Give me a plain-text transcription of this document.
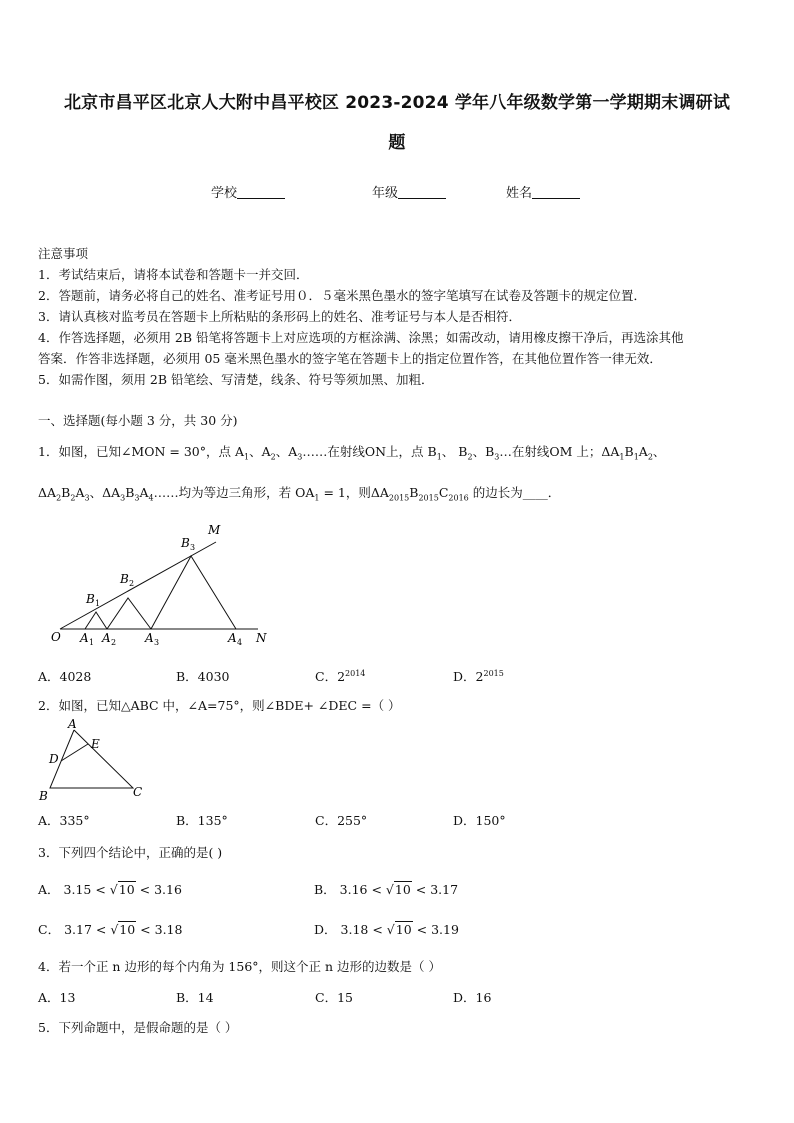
北京市昌平区北京人大附中昌平校区 2023-2024 学年八年级数学第一学期期末调研试
题
学校	年级	姓名
注意事项
1．考试结束后，请将本试卷和答题卡一并交回．
2．答题前，请务必将自己的姓名、准考证号用０．５毫米黑色墨水的签字笔填写在试卷及答题卡的规定位置．
3．请认真核对监考员在答题卡上所粘贴的条形码上的姓名、准考证号与本人是否相符．
4．作答选择题，必须用 2B 铅笔将答题卡上对应选项的方框涂满、涂黑；如需改动，请用橡皮擦干净后，再选涂其他
答案．作答非选择题，必须用 05 毫米黑色墨水的签字笔在答题卡上的指定位置作答，在其他位置作答一律无效．
5．如需作图，须用 2B 铅笔绘、写清楚，线条、符号等须加黑、加粗．
一、选择题(每小题 3 分，共 30 分)
1．如图，已知∠MON = 30°，点 $A_1$、$A_2$、$A_3\dots\dots$在射线ON上，点 $B_1$、 $B_2$、$B_3\dots$在射线OM 上；$\Delta A_1B_1A_2$、
$\Delta A_2B_2A_3$、$\Delta A_3B_3A_4\dots\dots$均为等边三角形，若 $OA_1 = 1$，则$\Delta A_{2015}B_{2015}C_{2016}$ 的边长为____．
M
B 1
B 2
B 3
O A 1 A 2 A 3	A 4 N
A．4028	B．4030	C．$2^{2014}$	D．$2^{2015}$
2．如图，已知△ABC 中，∠A=75°，则∠BDE+ ∠DEC =（ ）
A
E
D
B	C
A．335°	B．135°	C．255°	D．150°
3．下列四个结论中，正确的是( )
A． 3.15 < √10 < 3.16	B． 3.16 < √10 < 3.17
C． 3.17 < √10 < 3.18	D． 3.18 < √10 < 3.19
4．若一个正 n 边形的每个内角为 156°，则这个正 n 边形的边数是（ ）
A．13	B．14	C．15	D．16
5．下列命题中，是假命题的是（ ）
